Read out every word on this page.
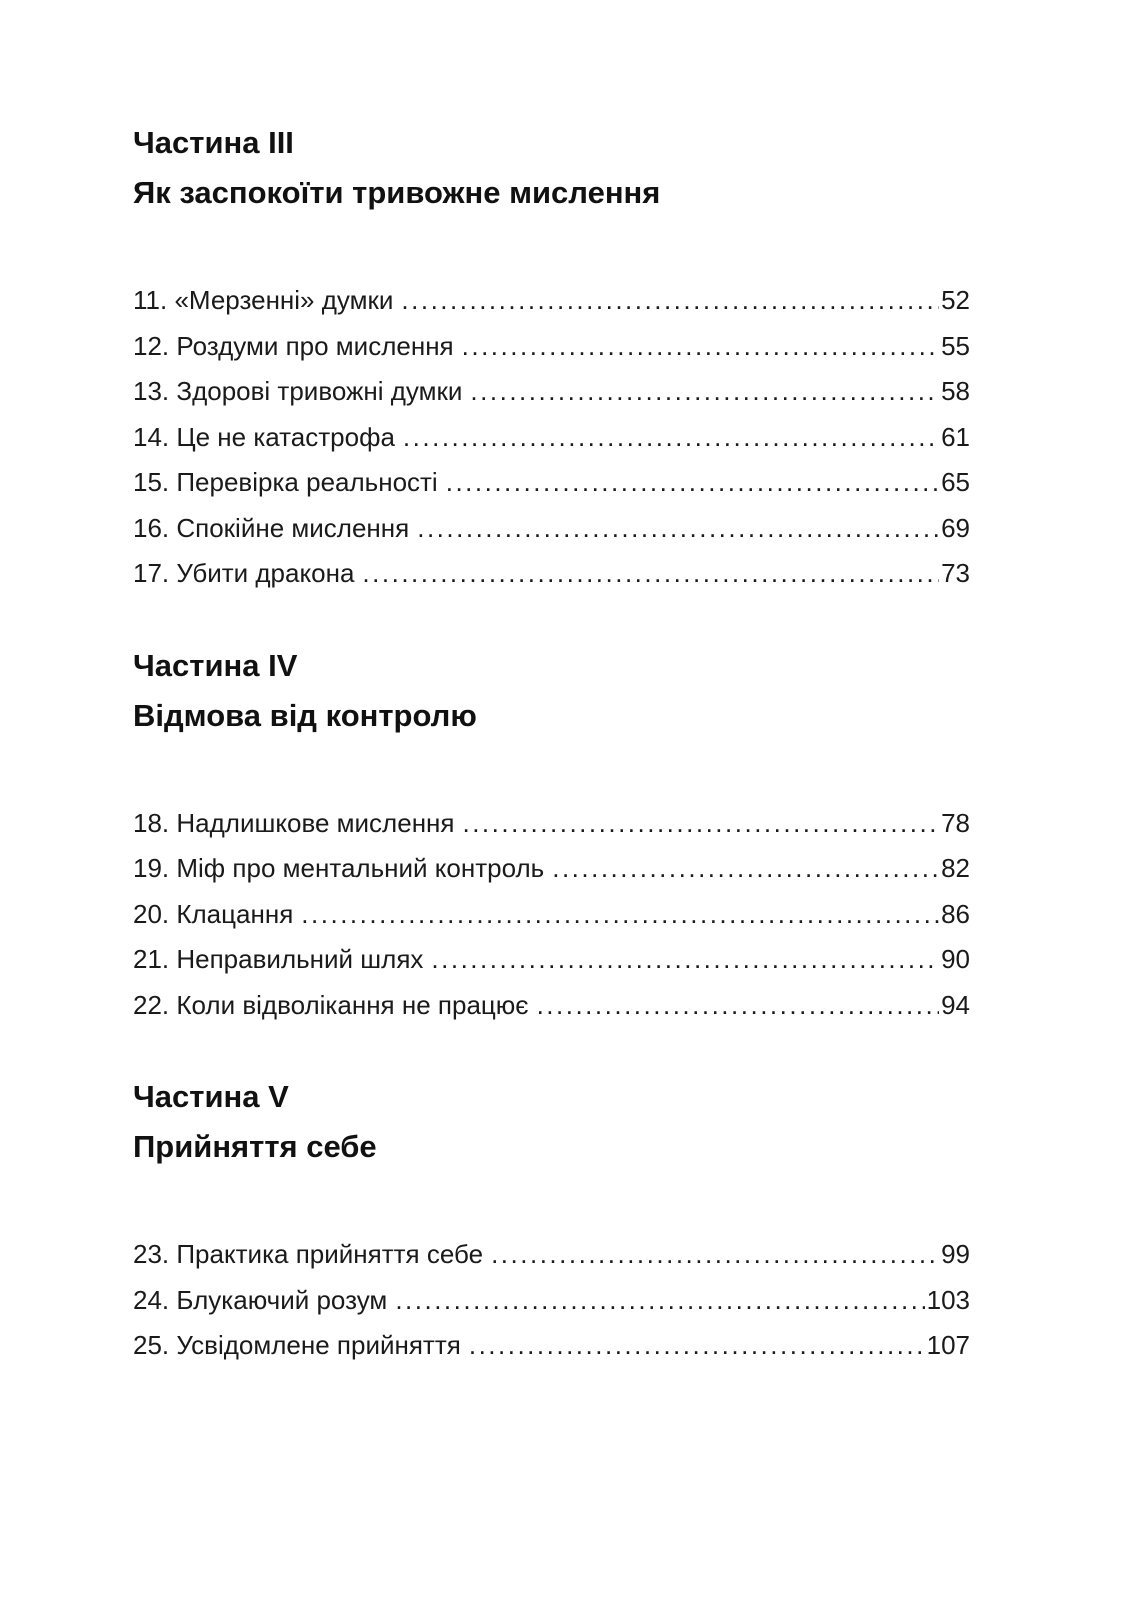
Частина III
Як заспокоїти тривожне мислення
11. «Мерзенні» думки .....	52
12. Роздуми про мислення .....	55
13. Здорові тривожні думки .....	58
14. Це не катастрофа .....	61
15. Перевірка реальності .....	65
16. Спокійне мислення .....	69
17. Убити дракона .....	73
Частина IV
Відмова від контролю
18. Надлишкове мислення .....	78
19. Міф про ментальний контроль .....	82
20. Клацання .....	86
21. Неправильний шлях .....	90
22. Коли відволікання не працює .....	94
Частина V
Прийняття себе
23. Практика прийняття себе .....	99
24. Блукаючий розум .....	103
25. Усвідомлене прийняття .....	107
